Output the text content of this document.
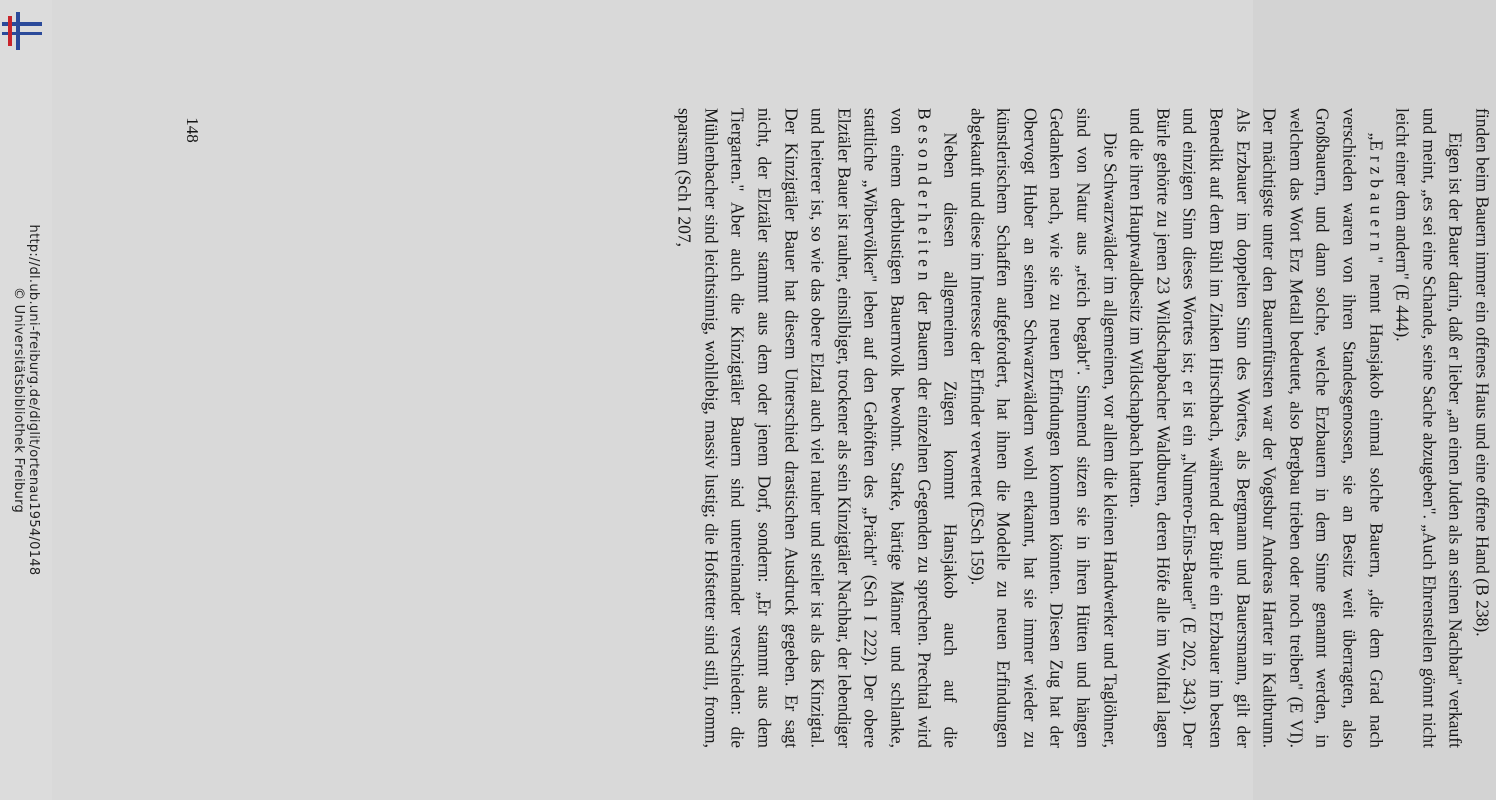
http://dl.ub.uni-freiburg.de/diglit/ortenau1954/0148
© Universitätsbibliothek Freiburg
148	finden beim Bauern immer ein offenes Haus und eine offene Hand (B 238).

Eigen ist der Bauer darin, daß er lieber „an einen Juden als an seinen Nachbar" verkauft und meint, „es sei eine Schande, seine Sache abzugeben". „Auch Ehrenstellen gönnt nicht leicht einer dem andern" (E 444).

„Erzbauern" nennt Hansjakob einmal solche Bauern, „die dem Grad nach verschieden waren von ihren Standesgenossen, sie an Besitz weit überragten, also Großbauern, und dann solche, welche Erzbauern in dem Sinne genannt werden, in welchem das Wort Erz Metall bedeutet, also Bergbau trieben oder noch treiben" (E VI). Der mächtigste unter den Bauernfürsten war der Vogtsbur Andreas Harter in Kaltbrunn. Als Erzbauer im doppelten Sinn des Wortes, als Bergmann und Bauersmann, gilt der Benedikt auf dem Bühl im Zinken Hirschbach, während der Bürle ein Erzbauer im besten und einzigen Sinn dieses Wortes ist; er ist ein „Numero-Eins-Bauer" (E 202, 343). Der Bürle gehörte zu jenen 23 Wildschapbacher Waldburen, deren Höfe alle im Wolftal lagen und die ihren Hauptwaldbesitz im Wildschapbach hatten.

Die Schwarzwälder im allgemeinen, vor allem die kleinen Handwerker und Taglöhner, sind von Natur aus „reich begabt". Simnend sitzen sie in ihren Hütten und hängen Gedanken nach, wie sie zu neuen Erfindungen kommen könnten. Diesen Zug hat der Obervogt Huber an seinen Schwarzwäldern wohl erkannt, hat sie immer wieder zu künstlerischem Schaffen aufgefordert, hat ihnen die Modelle zu neuen Erfindungen abgekauft und diese im Interesse der Erfinder verwertet (ESch 159).

Neben diesen allgemeinen Zügen kommt Hansjakob auch auf die Besonderheiten der Bauern der einzelnen Gegenden zu sprechen. Prechtal wird von einem derblustigen Bauernvolk bewohnt. Starke, bärtige Männer und schlanke, stattliche „Wibervölker" leben auf den Gehöften des „Prächt" (Sch I 222). Der obere Elztäler Bauer ist rauher, einsilbiger, trockener als sein Kinzigtäler Nachbar, der lebendiger und heiterer ist, so wie das obere Elztal auch viel rauher und steiler ist als das Kinzigtal. Der Kinzigtäler Bauer hat diesem Unterschied drastischen Ausdruck gegeben. Er sagt nicht, der Elztäler stammt aus dem oder jenem Dorf, sondern: „Er stammt aus dem Tiergarten." Aber auch die Kinzigtäler Bauern sind untereinander verschieden: die Mühlenbacher sind leichtsinnig, wohllebig, massiv lustig; die Hofstetter sind still, fromm, sparsam (Sch I 207,
